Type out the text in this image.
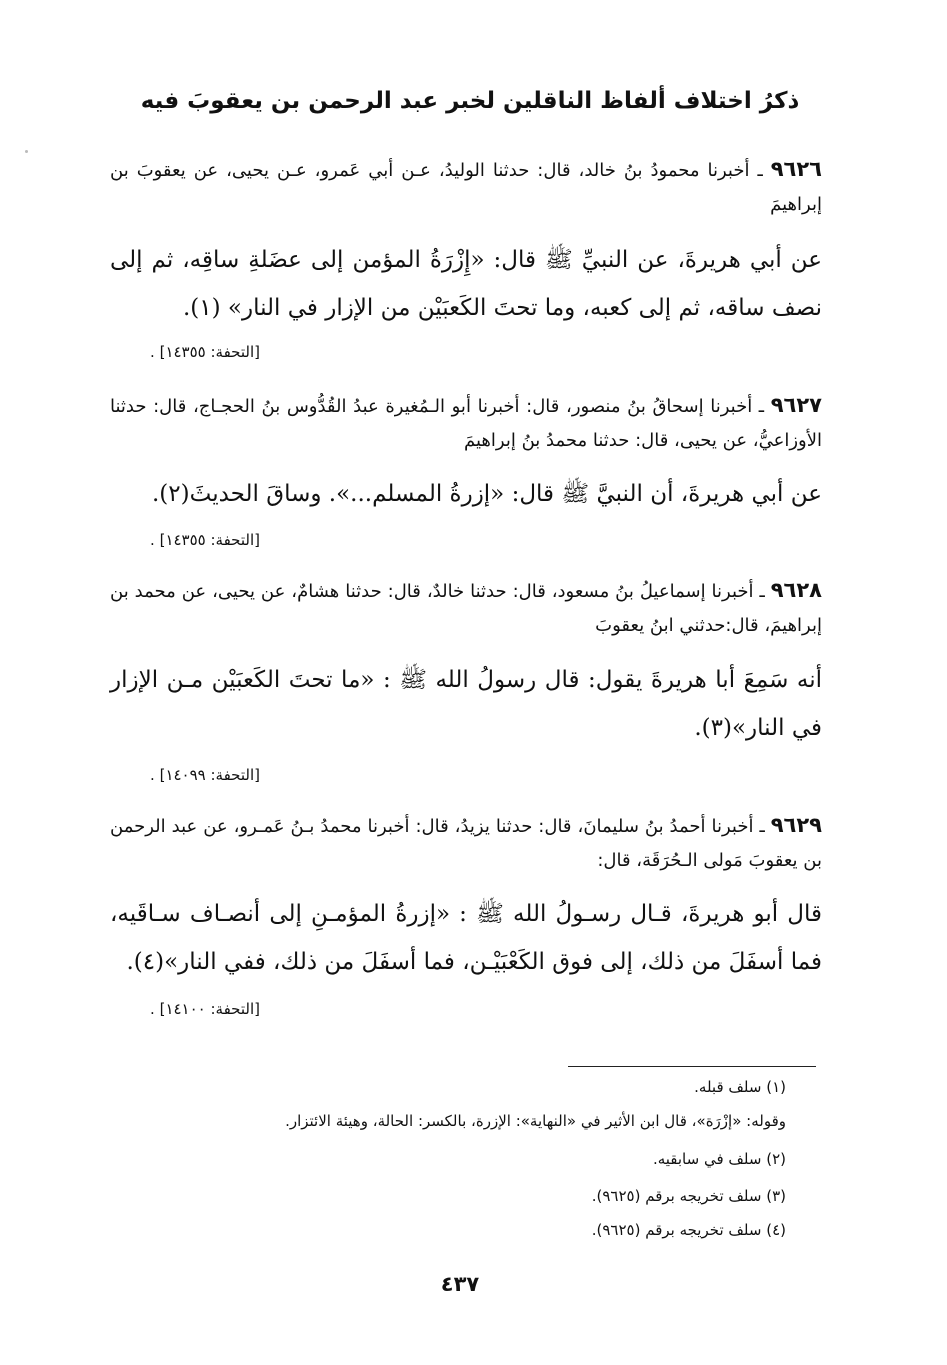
ذكرُ اختلاف ألفاظ الناقلين لخبر عبد الرحمن بن يعقوبَ فيه
٩٦٢٦ ـ أخبرنا محمودُ بنُ خالد، قال: حدثنا الوليدُ، عـن أبي عَمرو، عـن يحيى، عن يعقوبَ بن إبراهيمَ
عن أبي هريرةَ، عن النبيِّ ﷺ قال: «إِزْرَةُ المؤمن إلى عضَلةِ ساقِه، ثم إلى نصف ساقه، ثم إلى كعبه، وما تحتَ الكَعبَيْن من الإزار في النار» (١).
[التحفة: ١٤٣٥٥] .
٩٦٢٧ ـ أخبرنا إسحاقُ بنُ منصور، قال: أخبرنا أبو الـمُغيرة عبدُ القُدُّوس بنُ الحجـاج، قال: حدثنا الأوزاعيُّ، عن يحيى، قال: حدثنا محمدُ بنُ إبراهيمَ
عن أبي هريرةَ، أن النبيَّ ﷺ قال: «إزرةُ المسلم...». وساقَ الحديثَ(٢).
[التحفة: ١٤٣٥٥] .
٩٦٢٨ ـ أخبرنا إسماعيلُ بنُ مسعود، قال: حدثنا خالدٌ، قال: حدثنا هشامٌ، عن يحيى، عن محمد بن إبراهيمَ، قال:حدثني ابنُ يعقوبَ
أنه سَمِعَ أبا هريرةَ يقول: قال رسولُ الله ﷺ : «ما تحتَ الكَعبَيْن مـن الإزار في النار»(٣).
[التحفة: ١٤٠٩٩] .
٩٦٢٩ ـ أخبرنا أحمدُ بنُ سليمانَ، قال: حدثنا يزيدُ، قال: أخبرنا محمدُ بـنُ عَمـرو، عن عبد الرحمن بن يعقوبَ مَولى الـحُرَقَة، قال:
قال أبو هريرةَ، قـال رسـولُ الله ﷺ : «إزرةُ المؤمـنِ إلى أنصـاف سـاقَيه، فما أسفَلَ من ذلك، إلى فوق الكَعْبَيْـن، فما أسفَلَ من ذلك، ففي النار»(٤).
[التحفة: ١٤١٠٠] .
(١) سلف قبله.
وقوله: «إزْرَة»، قال ابن الأثير في «النهاية»: الإزرة، بالكسر: الحالة، وهيئة الائتزار.
(٢) سلف في سابقيه.
(٣) سلف تخريجه برقم (٩٦٢٥).
(٤) سلف تخريجه برقم (٩٦٢٥).
٤٣٧
